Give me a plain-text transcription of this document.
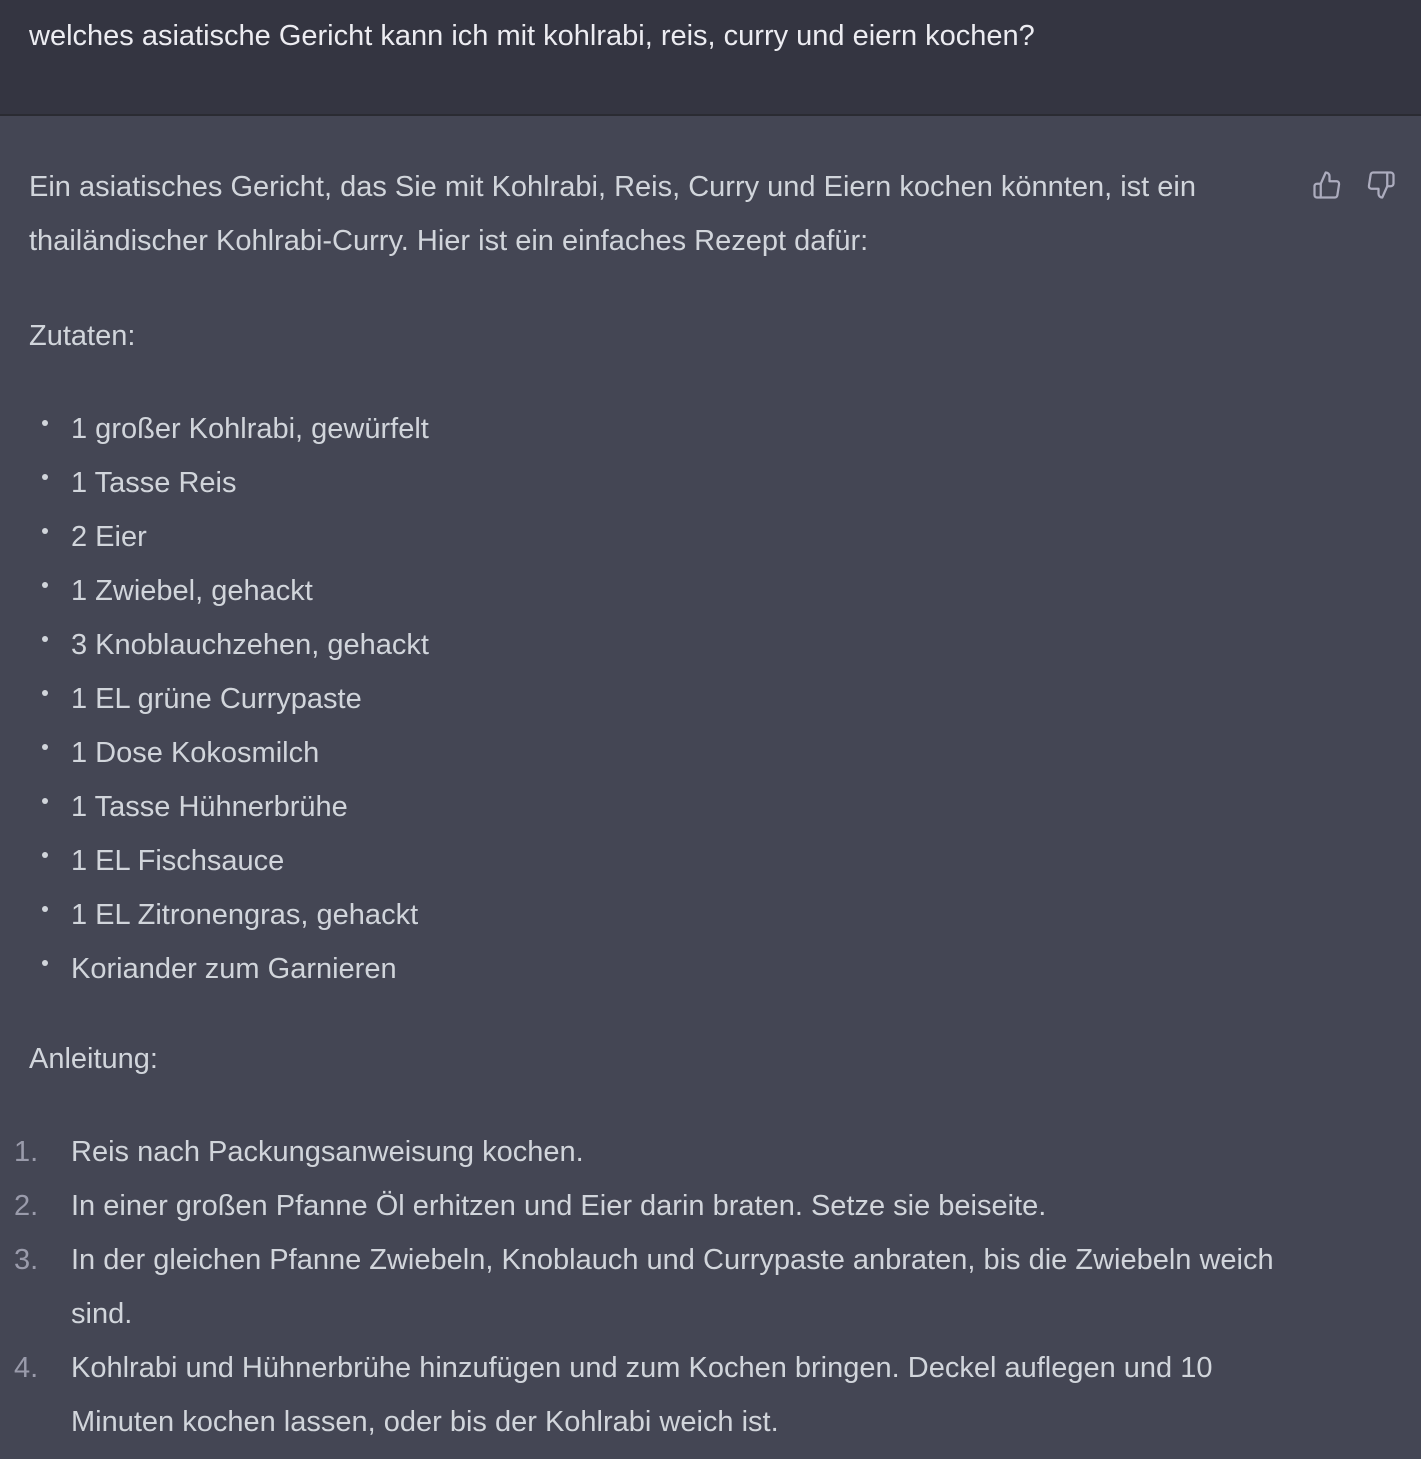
welches asiatische Gericht kann ich mit kohlrabi, reis, curry und eiern kochen?

Ein asiatisches Gericht, das Sie mit Kohlrabi, Reis, Curry und Eiern kochen könnten, ist ein thailändischer Kohlrabi-Curry. Hier ist ein einfaches Rezept dafür:

Zutaten:

1 großer Kohlrabi, gewürfelt
1 Tasse Reis
2 Eier
1 Zwiebel, gehackt
3 Knoblauchzehen, gehackt
1 EL grüne Currypaste
1 Dose Kokosmilch
1 Tasse Hühnerbrühe
1 EL Fischsauce
1 EL Zitronengras, gehackt
Koriander zum Garnieren

Anleitung:

1. Reis nach Packungsanweisung kochen.
2. In einer großen Pfanne Öl erhitzen und Eier darin braten. Setze sie beiseite.
3. In der gleichen Pfanne Zwiebeln, Knoblauch und Currypaste anbraten, bis die Zwiebeln weich sind.
4. Kohlrabi und Hühnerbrühe hinzufügen und zum Kochen bringen. Deckel auflegen und 10 Minuten kochen lassen, oder bis der Kohlrabi weich ist.
